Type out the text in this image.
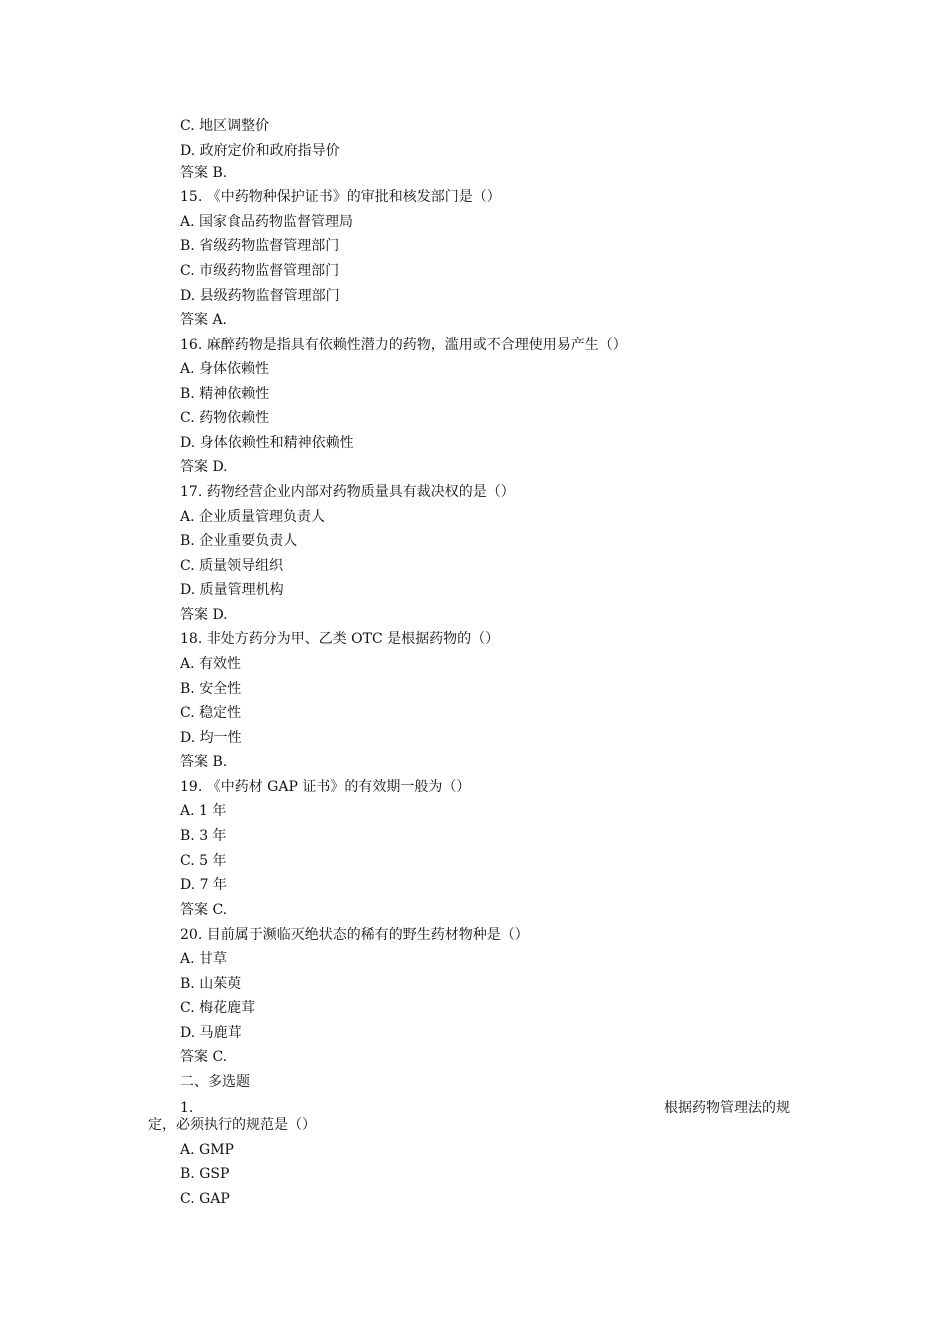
C. 地区调整价
D. 政府定价和政府指导价
答案 B.
15. 《中药物种保护证书》的审批和核发部门是（）
A. 国家食品药物监督管理局
B. 省级药物监督管理部门
C. 市级药物监督管理部门
D. 县级药物监督管理部门
答案 A.
16. 麻醉药物是指具有依赖性潜力的药物，滥用或不合理使用易产生（）
A. 身体依赖性
B. 精神依赖性
C. 药物依赖性
D. 身体依赖性和精神依赖性
答案 D.
17. 药物经营企业内部对药物质量具有裁决权的是（）
A. 企业质量管理负责人
B. 企业重要负责人
C. 质量领导组织
D. 质量管理机构
答案 D.
18. 非处方药分为甲、乙类 OTC 是根据药物的（）
A. 有效性
B. 安全性
C. 稳定性
D. 均一性
答案 B.
19. 《中药材 GAP 证书》的有效期一般为（）
A. 1 年
B. 3 年
C. 5 年
D. 7 年
答案 C.
20. 目前属于濒临灭绝状态的稀有的野生药材物种是（）
A. 甘草
B. 山茱萸
C. 梅花鹿茸
D. 马鹿茸
答案 C.
二、多选题
1.	根据药物管理法的规
定，必须执行的规范是（）
A. GMP
B. GSP
C. GAP
